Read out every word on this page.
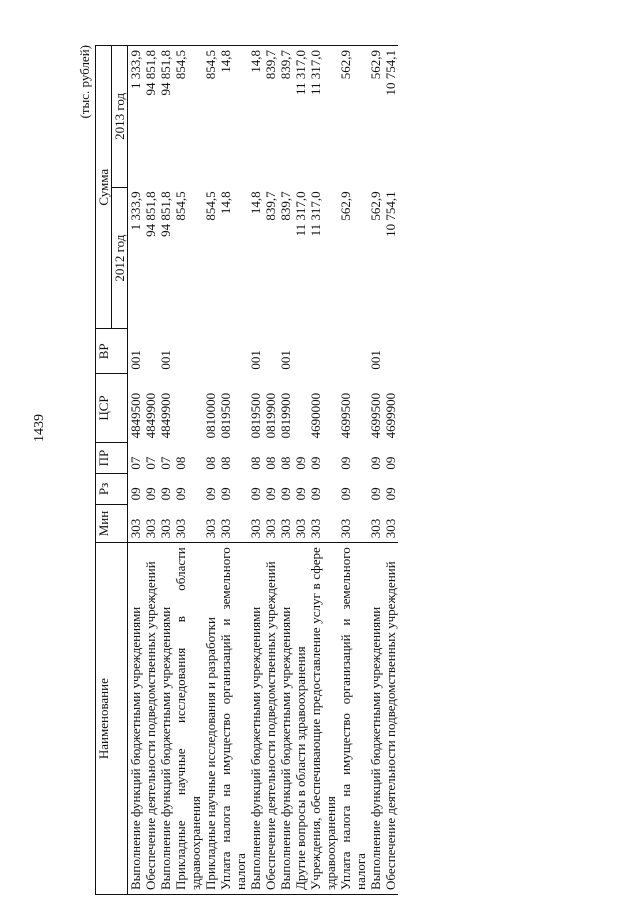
1439
(тыс. рублей)
Наименование	Мин	Рз	ПР	ЦСР	ВР	Сумма	
						2012 год	2013 год
Выполнение функций бюджетными учреждениями	303	09	07	4849500	001	1 333,9	1 333,9
Обеспечение деятельности подведомственных учреждений	303	09	07	4849900		94 851,8	94 851,8
Выполнение функций бюджетными учреждениями	303	09	07	4849900	001	94 851,8	94 851,8
Прикладные научные исследования в области здравоохранения	303	09	08			854,5	854,5
Прикладные научные исследования и разработки	303	09	08	0810000		854,5	854,5
Уплата налога на имущество организаций и земельного налога	303	09	08	0819500		14,8	14,8
Выполнение функций бюджетными учреждениями	303	09	08	0819500	001	14,8	14,8
Обеспечение деятельности подведомственных учреждений	303	09	08	0819900		839,7	839,7
Выполнение функций бюджетными учреждениями	303	09	08	0819900	001	839,7	839,7
Другие вопросы в области здравоохранения	303	09	09			11 317,0	11 317,0
Учреждения, обеспечивающие предоставление услуг в сфере здравоохранения	303	09	09	4690000		11 317,0	11 317,0
Уплата налога на имущество организаций и земельного налога	303	09	09	4699500		562,9	562,9
Выполнение функций бюджетными учреждениями	303	09	09	4699500	001	562,9	562,9
Обеспечение деятельности подведомственных учреждений	303	09	09	4699900		10 754,1	10 754,1
